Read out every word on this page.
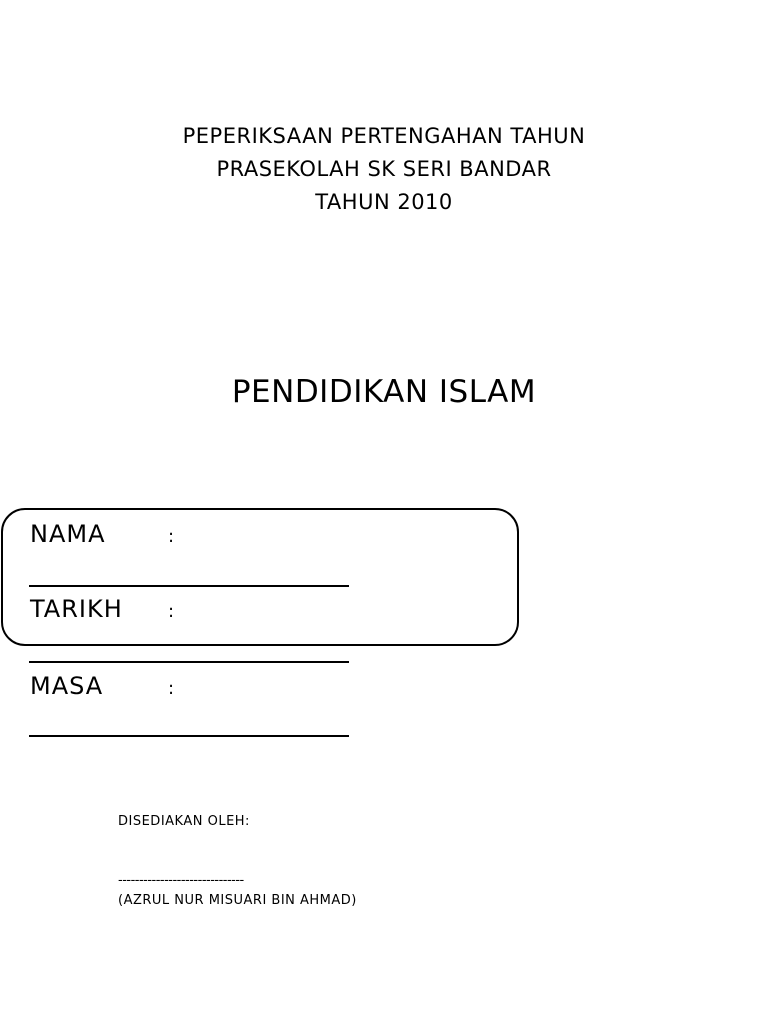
PEPERIKSAAN PERTENGAHAN TAHUN
PRASEKOLAH SK SERI BANDAR
TAHUN 2010
PENDIDIKAN ISLAM
NAMA	:
TARIKH	:
MASA	:
DISEDIAKAN OLEH:
------------------------------
(AZRUL NUR MISUARI BIN AHMAD)
